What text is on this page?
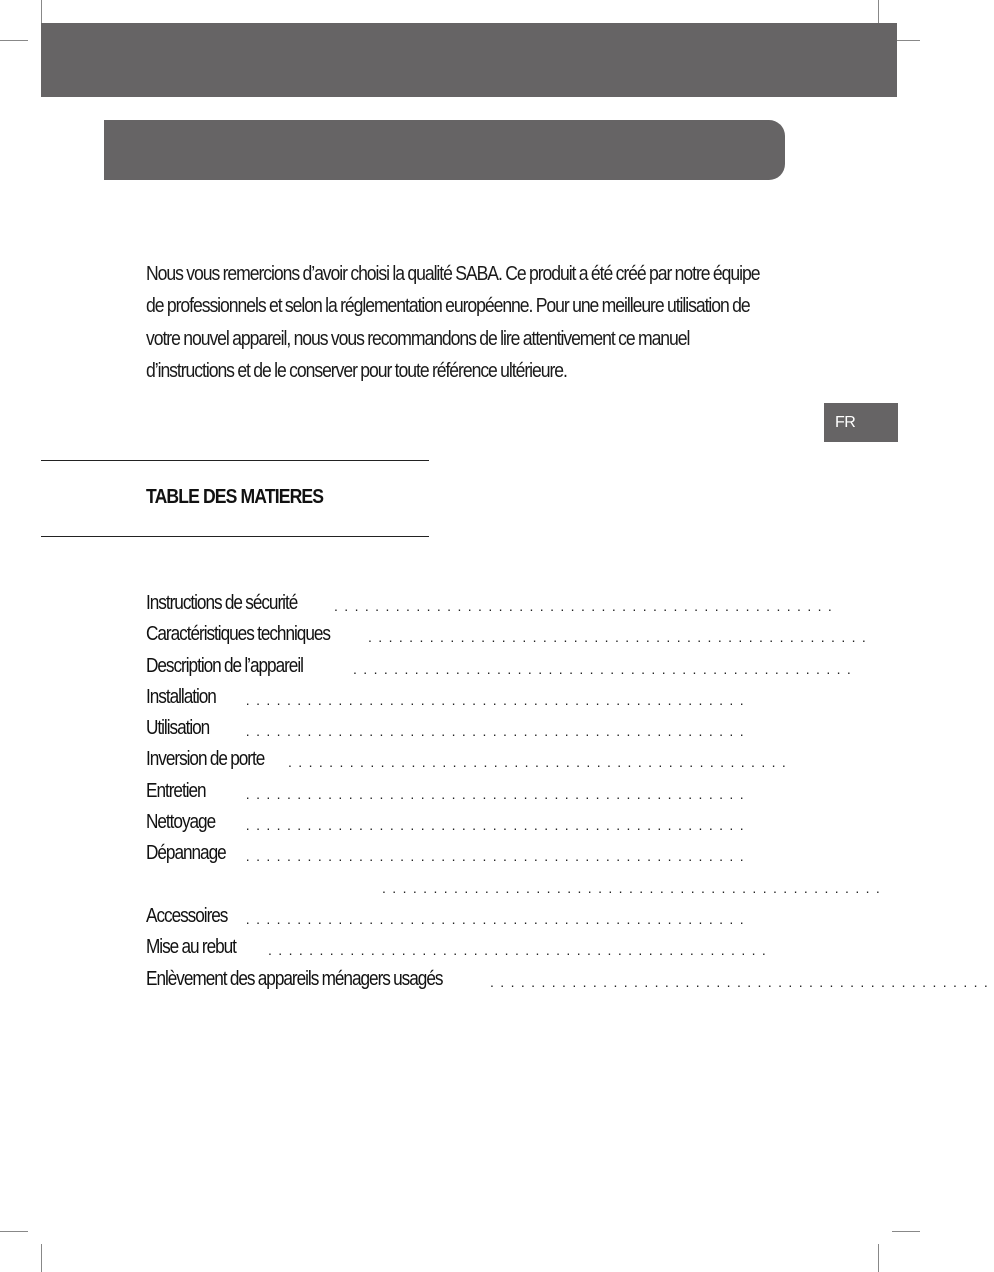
Nous vous remercions d’avoir choisi la qualité SABA. Ce produit a été créé par notre équipe de professionnels et selon la réglementation européenne. Pour une meilleure utilisation de votre nouvel appareil, nous vous recommandons de lire attentivement ce manuel d’instructions et de le conserver pour toute référence ultérieure.

FR
TABLE DES MATIERES
Instructions de sécurité	.................................................
Caractéristiques techniques	.................................................
Description de l’appareil	.................................................
Installation	.................................................
Utilisation	.................................................
Inversion de porte .................................................
Entretien	.................................................
Nettoyage	.................................................
Dépannage	.................................................
.................................................
Accessoires	.................................................
Mise au rebut .................................................
Enlèvement des appareils ménagers usagés	.................................................
